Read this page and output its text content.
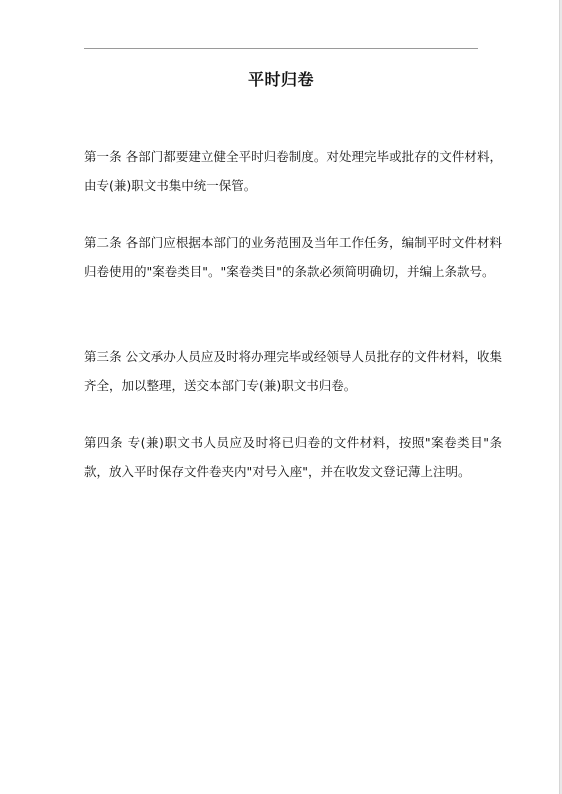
平时归卷

第一条 各部门都要建立健全平时归卷制度。对处理完毕或批存的文件材料，由专(兼)职文书集中统一保管。

第二条 各部门应根据本部门的业务范围及当年工作任务，编制平时文件材料归卷使用的"案卷类目"。"案卷类目"的条款必须简明确切，并编上条款号。

第三条 公文承办人员应及时将办理完毕或经领导人员批存的文件材料，收集齐全，加以整理，送交本部门专(兼)职文书归卷。

第四条 专(兼)职文书人员应及时将已归卷的文件材料，按照"案卷类目"条款，放入平时保存文件卷夹内"对号入座"，并在收发文登记薄上注明。
